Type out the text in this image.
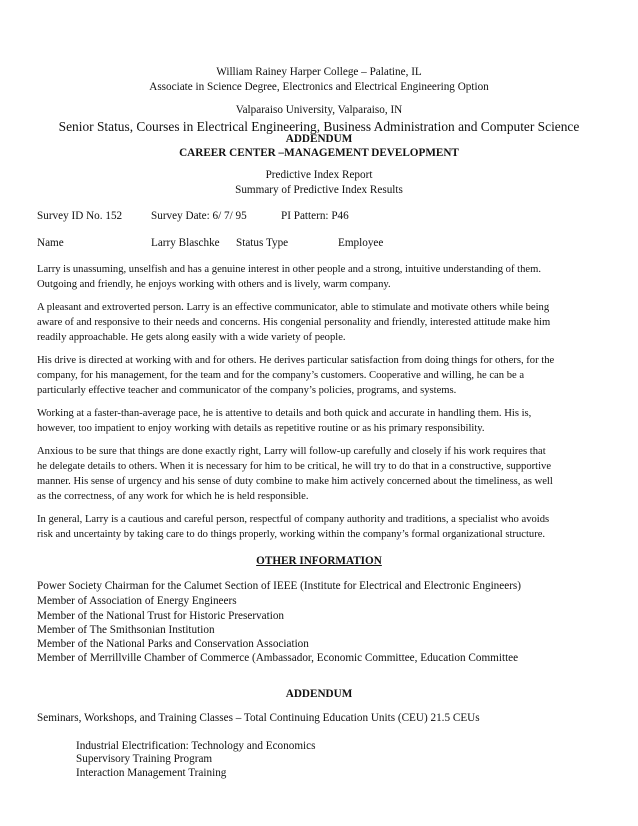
William Rainey Harper College – Palatine, IL
Associate in Science Degree, Electronics and Electrical Engineering Option
Valparaiso University, Valparaiso, IN
Senior Status, Courses in Electrical Engineering, Business Administration and Computer Science
ADDENDUM
CAREER CENTER –MANAGEMENT DEVELOPMENT
Predictive Index Report
Summary of Predictive Index Results
Survey ID No. 152	Survey Date: 6/ 7/ 95	PI Pattern: P46
Name	Larry Blaschke Status Type	Employee
Larry is unassuming, unselfish and has a genuine interest in other people and a strong, intuitive understanding of them.
Outgoing and friendly, he enjoys working with others and is lively, warm company.
A pleasant and extroverted person. Larry is an effective communicator, able to stimulate and motivate others while being
aware of and responsive to their needs and concerns. His congenial personality and friendly, interested attitude make him
readily approachable. He gets along easily with a wide variety of people.
His drive is directed at working with and for others. He derives particular satisfaction from doing things for others, for the
company, for his management, for the team and for the company’s customers. Cooperative and willing, he can be a
particularly effective teacher and communicator of the company’s policies, programs, and systems.
Working at a faster-than-average pace, he is attentive to details and both quick and accurate in handling them. His is,
however, too impatient to enjoy working with details as repetitive routine or as his primary responsibility.
Anxious to be sure that things are done exactly right, Larry will follow-up carefully and closely if his work requires that
he delegate details to others. When it is necessary for him to be critical, he will try to do that in a constructive, supportive
manner. His sense of urgency and his sense of duty combine to make him actively concerned about the timeliness, as well
as the correctness, of any work for which he is held responsible.
In general, Larry is a cautious and careful person, respectful of company authority and traditions, a specialist who avoids
risk and uncertainty by taking care to do things properly, working within the company’s formal organizational structure.
OTHER INFORMATION
Power Society Chairman for the Calumet Section of IEEE (Institute for Electrical and Electronic Engineers)
Member of Association of Energy Engineers
Member of the National Trust for Historic Preservation
Member of The Smithsonian Institution
Member of the National Parks and Conservation Association
Member of Merrillville Chamber of Commerce (Ambassador, Economic Committee, Education Committee
ADDENDUM
Seminars, Workshops, and Training Classes – Total Continuing Education Units (CEU) 21.5 CEUs
Industrial Electrification: Technology and Economics
Supervisory Training Program
Interaction Management Training
